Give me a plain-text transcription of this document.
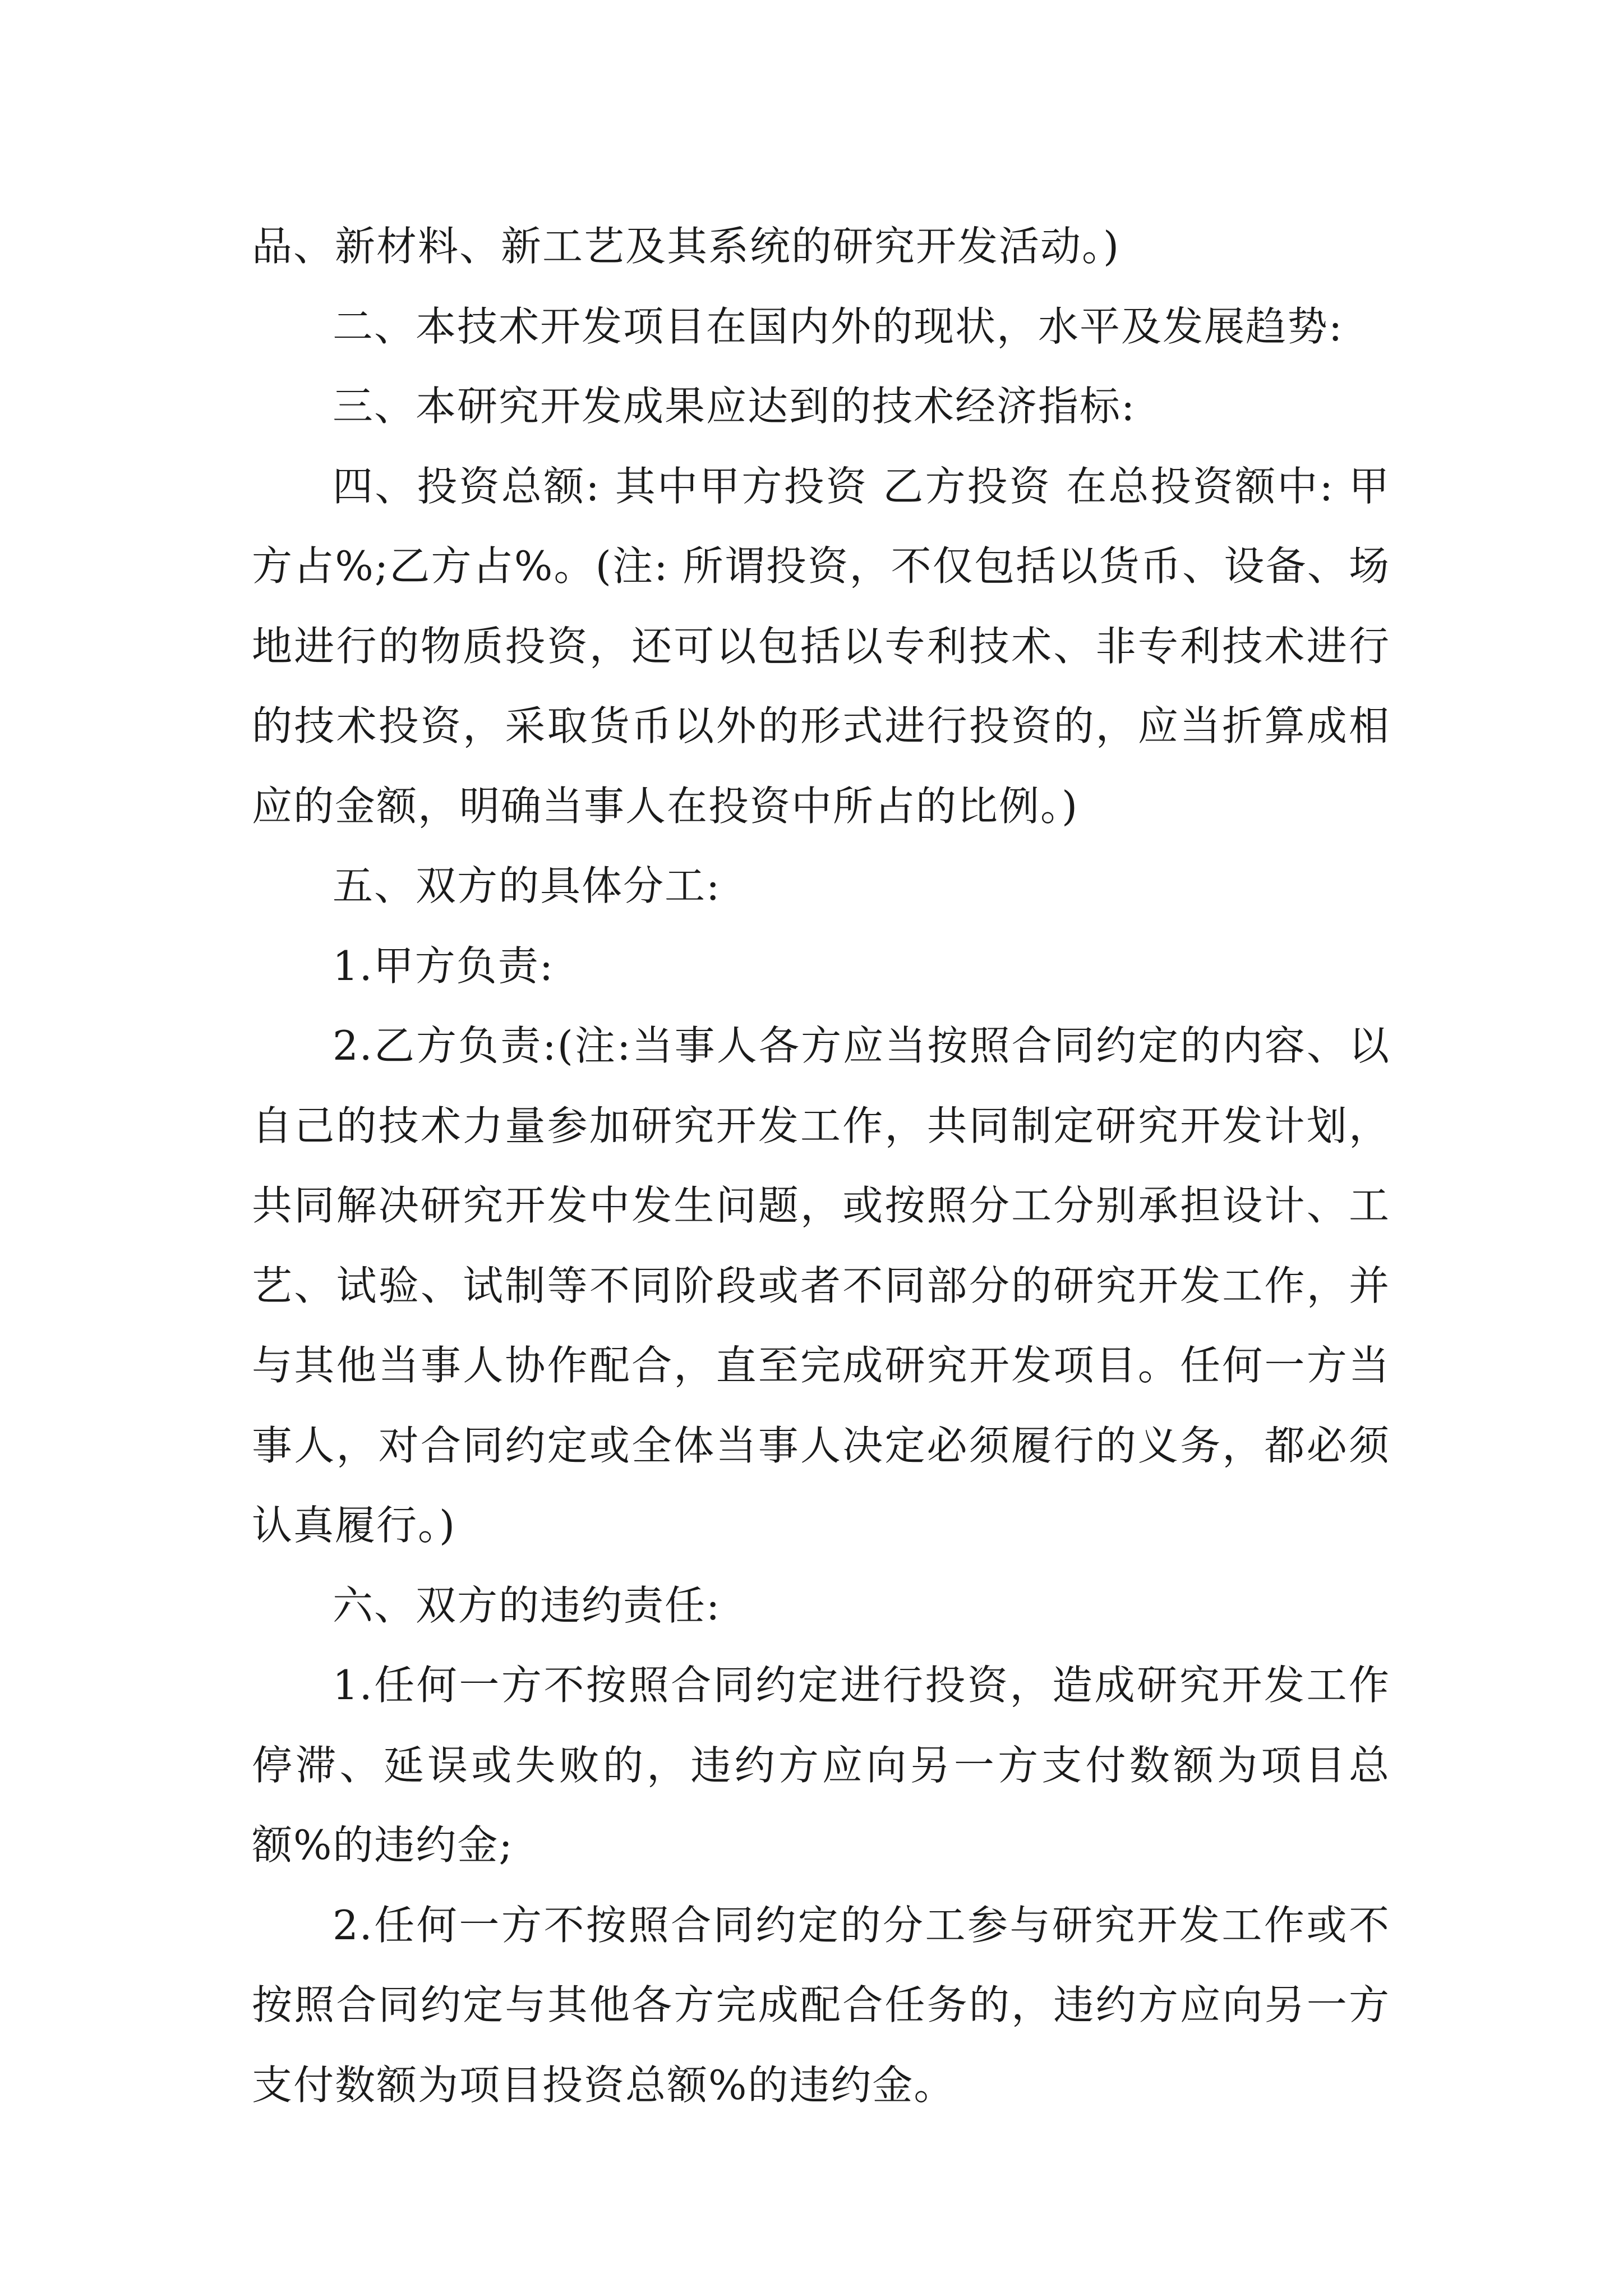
品、新材料、新工艺及其系统的研究开发活动。)

二、本技术开发项目在国内外的现状，水平及发展趋势:

三、本研究开发成果应达到的技术经济指标:

四、投资总额: 其中甲方投资 乙方投资 在总投资额中: 甲方占%;乙方占%。(注: 所谓投资，不仅包括以货币、设备、场地进行的物质投资，还可以包括以专利技术、非专利技术进行的技术投资，采取货币以外的形式进行投资的，应当折算成相应的金额，明确当事人在投资中所占的比例。)

五、双方的具体分工:

1.甲方负责:

2.乙方负责:(注:当事人各方应当按照合同约定的内容、以自己的技术力量参加研究开发工作，共同制定研究开发计划，共同解决研究开发中发生问题，或按照分工分别承担设计、工艺、试验、试制等不同阶段或者不同部分的研究开发工作，并与其他当事人协作配合，直至完成研究开发项目。任何一方当事人，对合同约定或全体当事人决定必须履行的义务，都必须认真履行。)

六、双方的违约责任:

1.任何一方不按照合同约定进行投资，造成研究开发工作停滞、延误或失败的，违约方应向另一方支付数额为项目总额%的违约金;

2.任何一方不按照合同约定的分工参与研究开发工作或不按照合同约定与其他各方完成配合任务的，违约方应向另一方支付数额为项目投资总额%的违约金。
